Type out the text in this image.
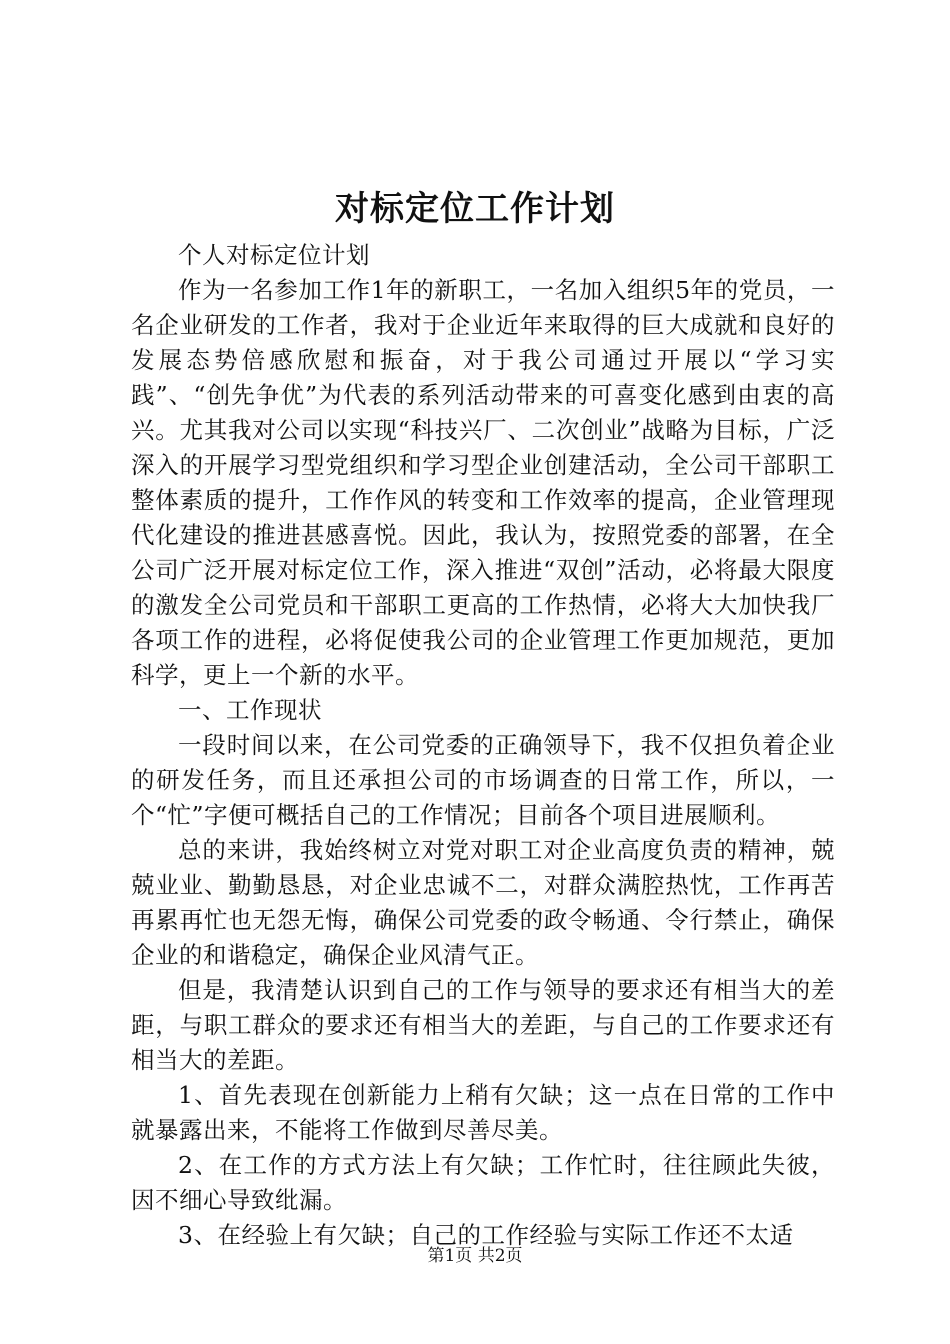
对标定位工作计划

个人对标定位计划

作为一名参加工作1年的新职工，一名加入组织5年的党员，一名企业研发的工作者，我对于企业近年来取得的巨大成就和良好的发展态势倍感欣慰和振奋，对于我公司通过开展以“学习实践”、“创先争优”为代表的系列活动带来的可喜变化感到由衷的高兴。尤其我对公司以实现“科技兴厂、二次创业”战略为目标，广泛深入的开展学习型党组织和学习型企业创建活动，全公司干部职工整体素质的提升，工作作风的转变和工作效率的提高，企业管理现代化建设的推进甚感喜悦。因此，我认为，按照党委的部署，在全公司广泛开展对标定位工作，深入推进“双创”活动，必将最大限度的激发全公司党员和干部职工更高的工作热情，必将大大加快我厂各项工作的进程，必将促使我公司的企业管理工作更加规范，更加科学，更上一个新的水平。

一、工作现状

一段时间以来，在公司党委的正确领导下，我不仅担负着企业的研发任务，而且还承担公司的市场调查的日常工作，所以，一个“忙”字便可概括自己的工作情况；目前各个项目进展顺利。

总的来讲，我始终树立对党对职工对企业高度负责的精神，兢兢业业、勤勤恳恳，对企业忠诚不二，对群众满腔热忱，工作再苦再累再忙也无怨无悔，确保公司党委的政令畅通、令行禁止，确保企业的和谐稳定，确保企业风清气正。

但是，我清楚认识到自己的工作与领导的要求还有相当大的差距，与职工群众的要求还有相当大的差距，与自己的工作要求还有相当大的差距。

1、首先表现在创新能力上稍有欠缺；这一点在日常的工作中就暴露出来，不能将工作做到尽善尽美。

2、在工作的方式方法上有欠缺；工作忙时，往往顾此失彼，因不细心导致纰漏。

3、在经验上有欠缺；自己的工作经验与实际工作还不太适

第1页 共2页
